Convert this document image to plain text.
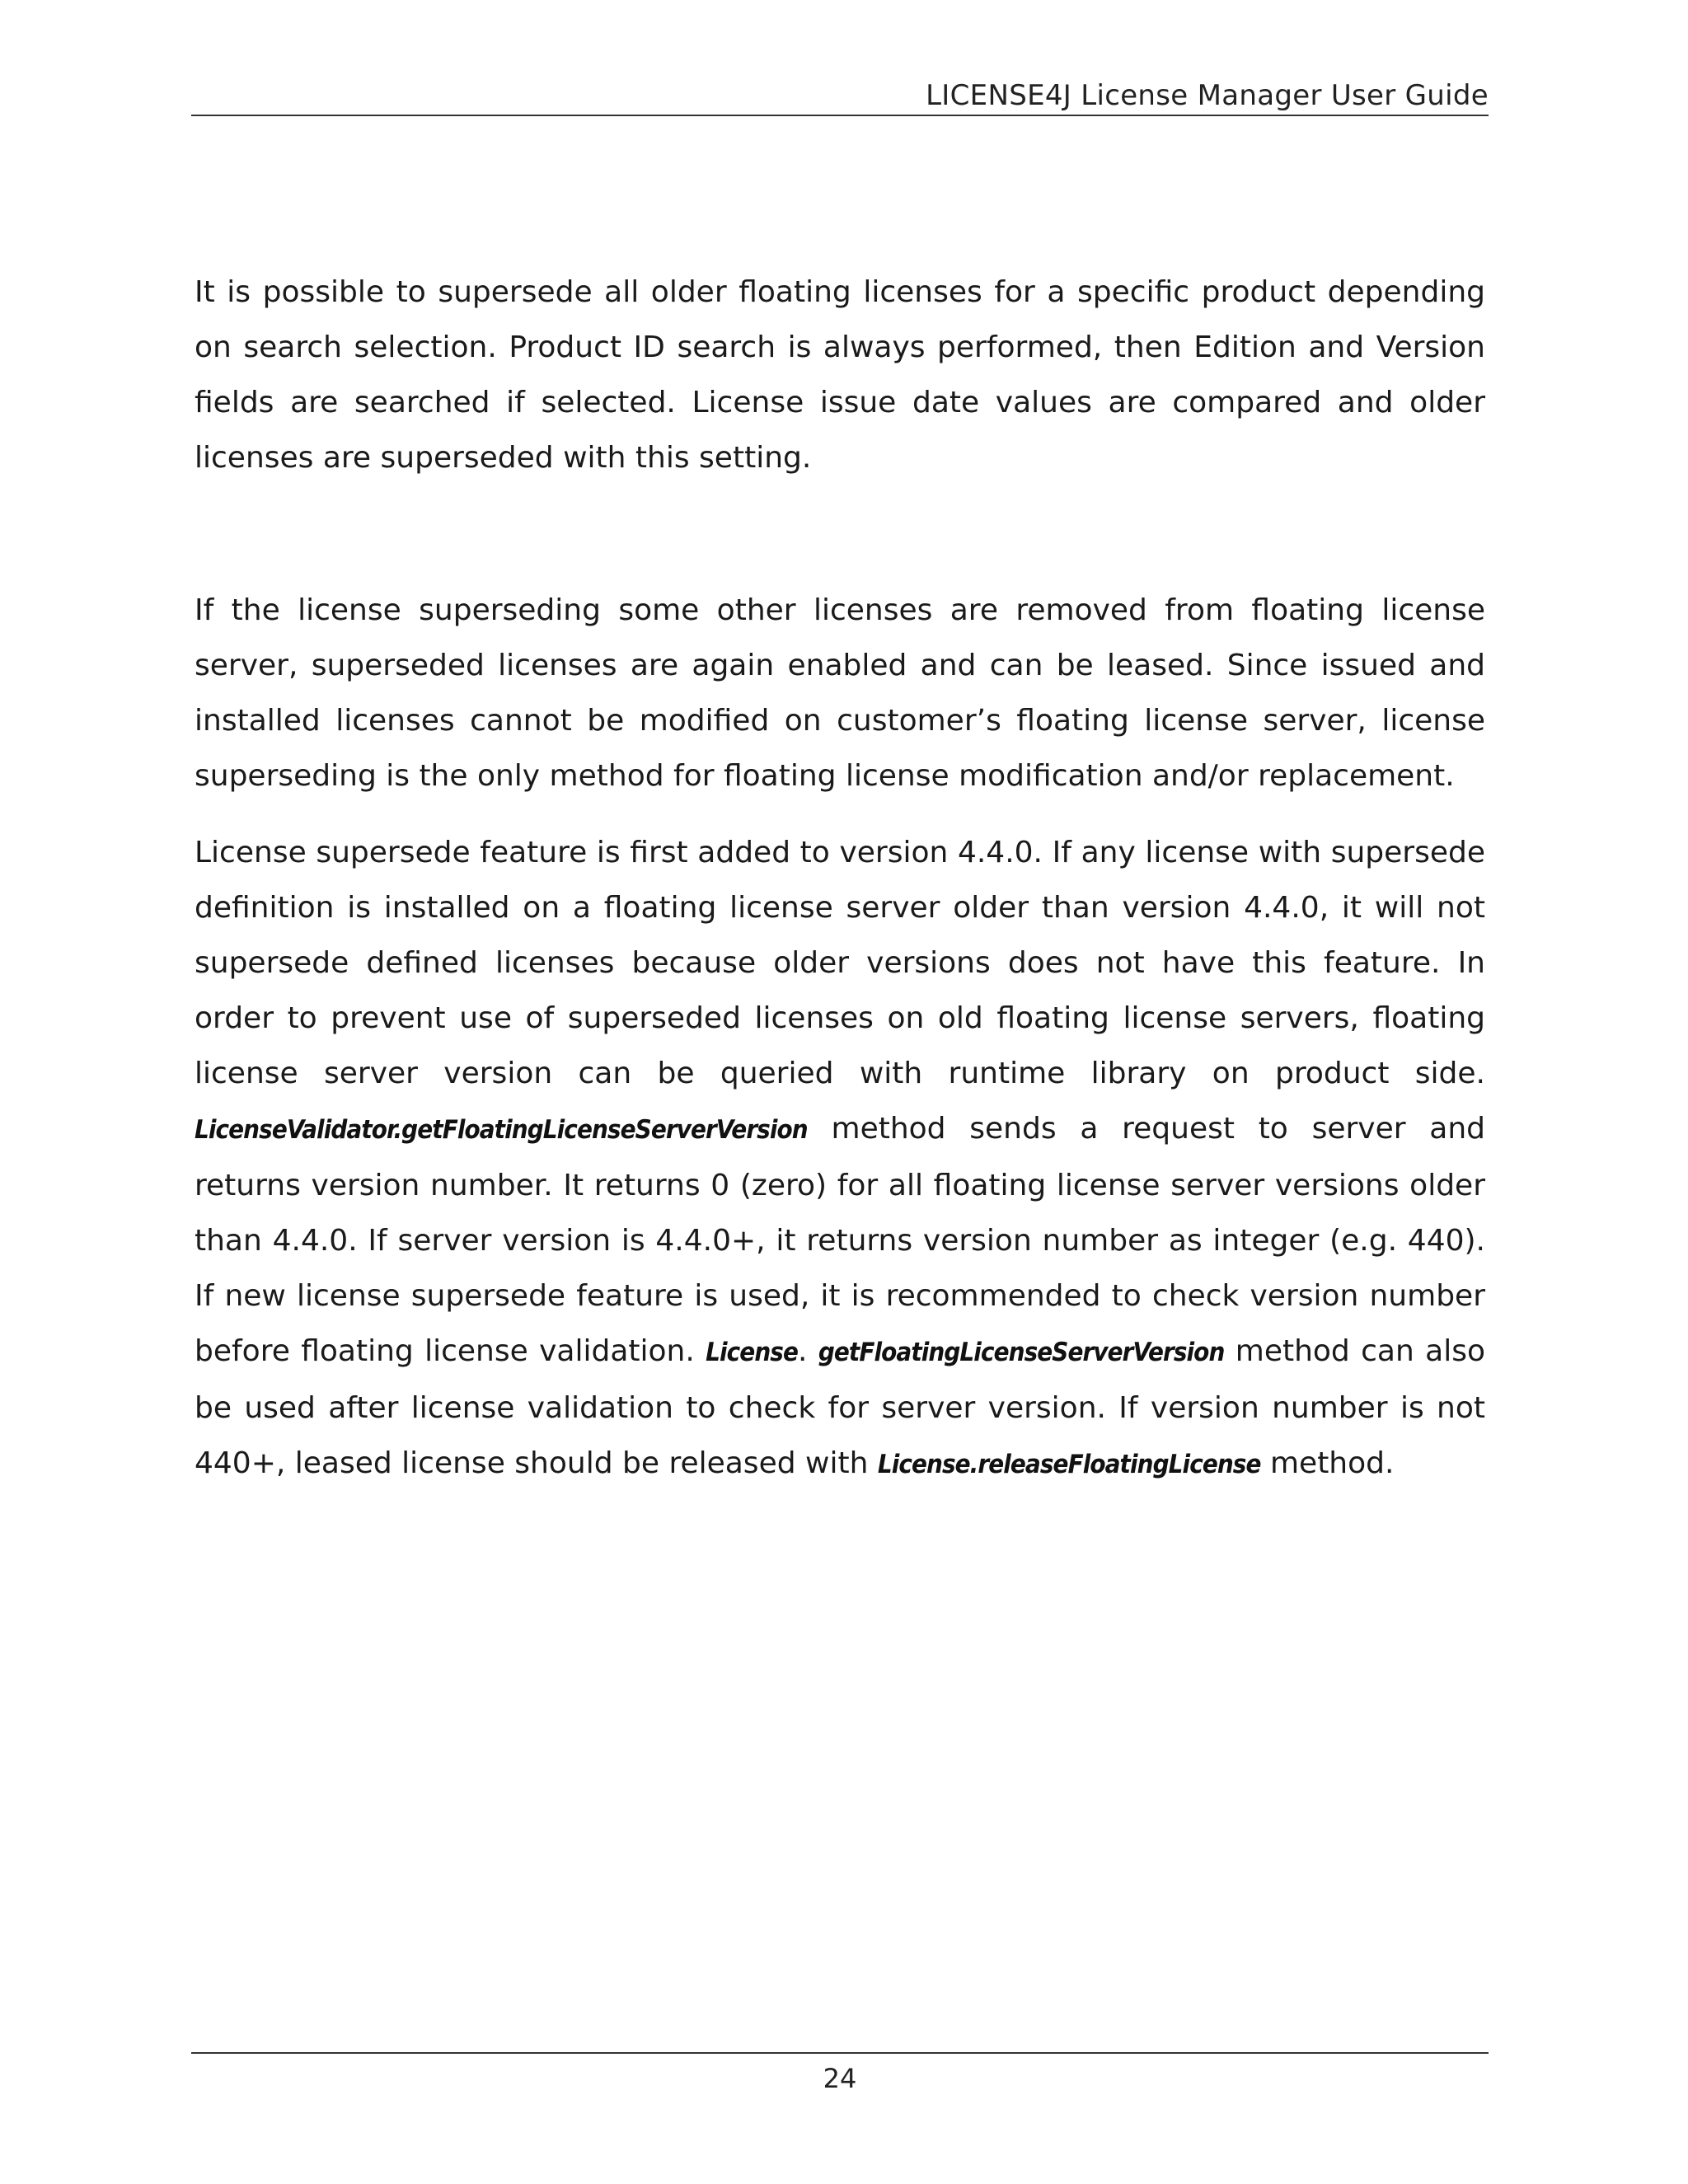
LICENSE4J License Manager User Guide

It is possible to supersede all older floating licenses for a specific product depending on search selection. Product ID search is always performed, then Edition and Version fields are searched if selected. License issue date values are compared and older licenses are superseded with this setting.

If the license superseding some other licenses are removed from floating license server, superseded licenses are again enabled and can be leased. Since issued and installed licenses cannot be modified on customer’s floating license server, license superseding is the only method for floating license modification and/or replacement.

License supersede feature is first added to version 4.4.0. If any license with supersede definition is installed on a floating license server older than version 4.4.0, it will not supersede defined licenses because older versions does not have this feature. In order to prevent use of superseded licenses on old floating license servers, floating license server version can be queried with runtime library on product side. LicenseValidator.getFloatingLicenseServerVersion method sends a request to server and returns version number. It returns 0 (zero) for all floating license server versions older than 4.4.0. If server version is 4.4.0+, it returns version number as integer (e.g. 440). If new license supersede feature is used, it is recommended to check version number before floating license validation. License. getFloatingLicenseServerVersion method can also be used after license validation to check for server version. If version number is not 440+, leased license should be released with License.releaseFloatingLicense method.

24
